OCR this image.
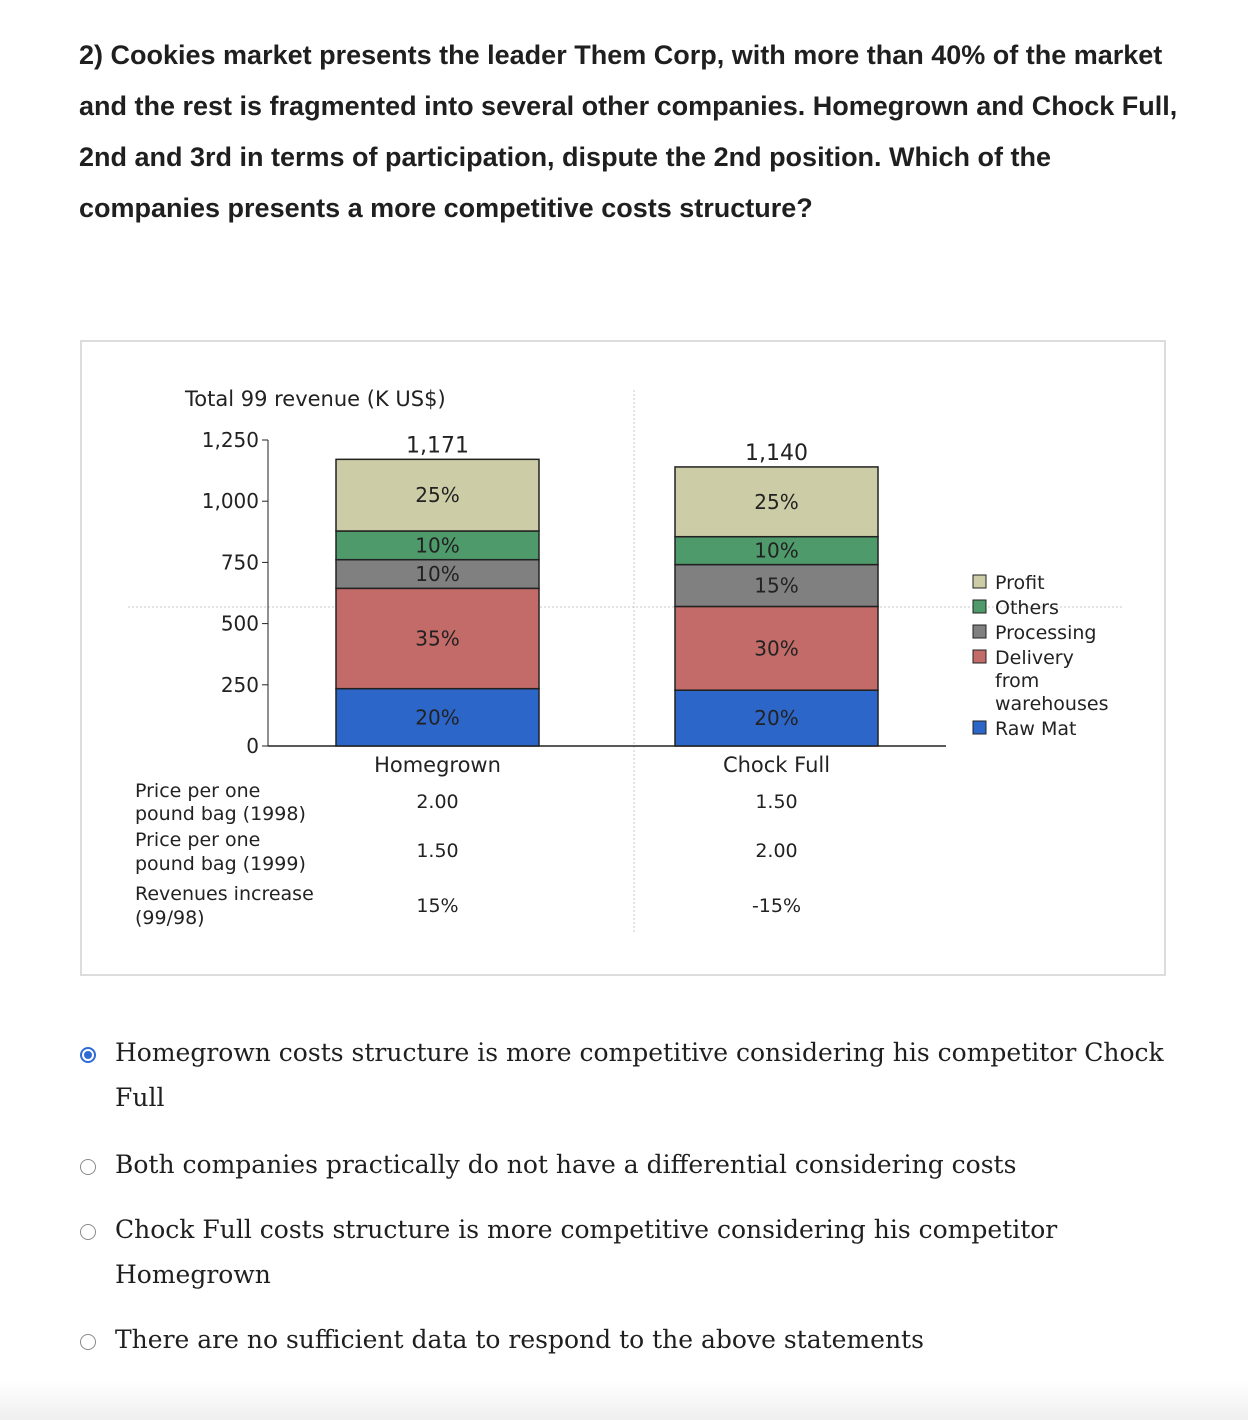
2) Cookies market presents the leader Them Corp, with more than 40% of the market and the rest is fragmented into several other companies. Homegrown and Chock Full, 2nd and 3rd in terms of participation, dispute the 2nd position. Which of the companies presents a more competitive costs structure?

Total 99 revenue (K US$)
0
250
500
750
1,000
1,250
20%
35%
10%
10%
25%
1,171
Homegrown
20%
30%
15%
10%
25%
1,140
Chock Full
Profit
Others
Processing
Delivery
from
warehouses
Raw Mat
Price per one
pound bag (1998)
2.00	1.50
Price per one
pound bag (1999)
1.50	2.00
Revenues increase
(99/98)
15%	-15%
Homegrown costs structure is more competitive considering his competitor Chock Full
Both companies practically do not have a differential considering costs
Chock Full costs structure is more competitive considering his competitor Homegrown
There are no sufficient data to respond to the above statements
